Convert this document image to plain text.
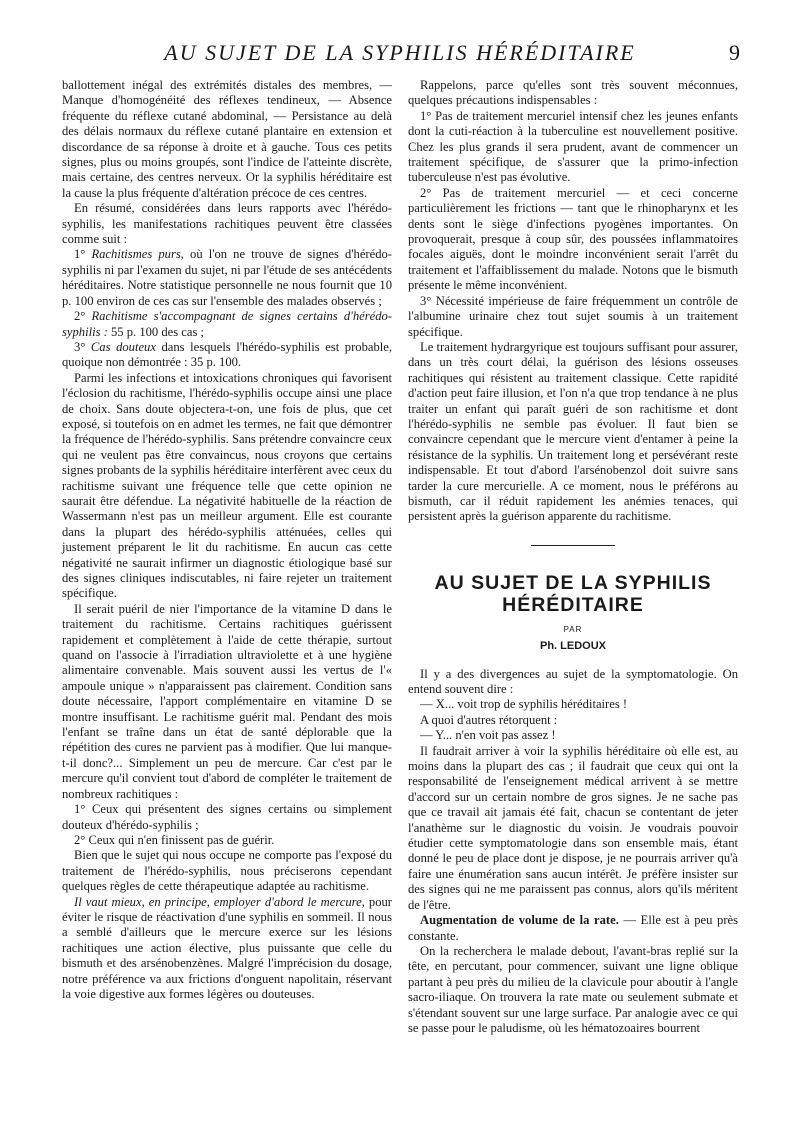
AU SUJET DE LA SYPHILIS HÉRÉDITAIRE	9

ballottement inégal des extrémités distales des membres, — Manque d'homogénéité des réflexes tendineux, — Absence fréquente du réflexe cutané abdominal, — Persistance au delà des délais normaux du réflexe cutané plantaire en extension et discordance de sa réponse à droite et à gauche. Tous ces petits signes, plus ou moins groupés, sont l'indice de l'atteinte discrète, mais certaine, des centres nerveux. Or la syphilis héréditaire est la cause la plus fréquente d'altération précoce de ces centres.

En résumé, considérées dans leurs rapports avec l'hérédo-syphilis, les manifestations rachitiques peuvent être classées comme suit :

1° Rachitismes purs, où l'on ne trouve de signes d'hérédo-syphilis ni par l'examen du sujet, ni par l'étude de ses antécédents héréditaires. Notre statistique personnelle ne nous fournit que 10 p. 100 environ de ces cas sur l'ensemble des malades observés ;

2° Rachitisme s'accompagnant de signes certains d'hérédo-syphilis : 55 p. 100 des cas ;

3° Cas douteux dans lesquels l'hérédo-syphilis est probable, quoique non démontrée : 35 p. 100.

Parmi les infections et intoxications chroniques qui favorisent l'éclosion du rachitisme, l'hérédo-syphilis occupe ainsi une place de choix. Sans doute objectera-t-on, une fois de plus, que cet exposé, si toutefois on en admet les termes, ne fait que démontrer la fréquence de l'hérédo-syphilis. Sans prétendre convaincre ceux qui ne veulent pas être convaincus, nous croyons que certains signes probants de la syphilis héréditaire interfèrent avec ceux du rachitisme suivant une fréquence telle que cette opinion ne saurait être défendue. La négativité habituelle de la réaction de Wassermann n'est pas un meilleur argument. Elle est courante dans la plupart des hérédo-syphilis atténuées, celles qui justement préparent le lit du rachitisme. En aucun cas cette négativité ne saurait infirmer un diagnostic étiologique basé sur des signes cliniques indiscutables, ni faire rejeter un traitement spécifique.

Il serait puéril de nier l'importance de la vitamine D dans le traitement du rachitisme. Certains rachitiques guérissent rapidement et complètement à l'aide de cette thérapie, surtout quand on l'associe à l'irradiation ultraviolette et à une hygiène alimentaire convenable. Mais souvent aussi les vertus de l'« ampoule unique » n'apparaissent pas clairement. Condition sans doute nécessaire, l'apport complémentaire en vitamine D se montre insuffisant. Le rachitisme guérit mal. Pendant des mois l'enfant se traîne dans un état de santé déplorable que la répétition des cures ne parvient pas à modifier. Que lui manque-t-il donc?... Simplement un peu de mercure. Car c'est par le mercure qu'il convient tout d'abord de compléter le traitement de nombreux rachitiques :

1° Ceux qui présentent des signes certains ou simplement douteux d'hérédo-syphilis ;

2° Ceux qui n'en finissent pas de guérir.

Bien que le sujet qui nous occupe ne comporte pas l'exposé du traitement de l'hérédo-syphilis, nous préciserons cependant quelques règles de cette thérapeutique adaptée au rachitisme.

Il vaut mieux, en principe, employer d'abord le mercure, pour éviter le risque de réactivation d'une syphilis en sommeil. Il nous a semblé d'ailleurs que le mercure exerce sur les lésions rachitiques une action élective, plus puissante que celle du bismuth et des arsénobenzènes. Malgré l'imprécision du dosage, notre préférence va aux frictions d'onguent napolitain, réservant la voie digestive aux formes légères ou douteuses.

Rappelons, parce qu'elles sont très souvent méconnues, quelques précautions indispensables :

1° Pas de traitement mercuriel intensif chez les jeunes enfants dont la cuti-réaction à la tuberculine est nouvellement positive. Chez les plus grands il sera prudent, avant de commencer un traitement spécifique, de s'assurer que la primo-infection tuberculeuse n'est pas évolutive.

2° Pas de traitement mercuriel — et ceci concerne particulièrement les frictions — tant que le rhinopharynx et les dents sont le siège d'infections pyogènes importantes. On provoquerait, presque à coup sûr, des poussées inflammatoires focales aiguës, dont le moindre inconvénient serait l'arrêt du traitement et l'affaiblissement du malade. Notons que le bismuth présente le même inconvénient.

3° Nécessité impérieuse de faire fréquemment un contrôle de l'albumine urinaire chez tout sujet soumis à un traitement spécifique.

Le traitement hydrargyrique est toujours suffisant pour assurer, dans un très court délai, la guérison des lésions osseuses rachitiques qui résistent au traitement classique. Cette rapidité d'action peut faire illusion, et l'on n'a que trop tendance à ne plus traiter un enfant qui paraît guéri de son rachitisme et dont l'hérédo-syphilis ne semble pas évoluer. Il faut bien se convaincre cependant que le mercure vient d'entamer à peine la résistance de la syphilis. Un traitement long et persévérant reste indispensable. Et tout d'abord l'arsénobenzol doit suivre sans tarder la cure mercurielle. A ce moment, nous le préférons au bismuth, car il réduit rapidement les anémies tenaces, qui persistent après la guérison apparente du rachitisme.

AU SUJET DE LA SYPHILIS HÉRÉDITAIRE
PAR
Ph. LEDOUX

Il y a des divergences au sujet de la symptomatologie. On entend souvent dire :

— X... voit trop de syphilis héréditaires !

A quoi d'autres rétorquent :

— Y... n'en voit pas assez !

Il faudrait arriver à voir la syphilis héréditaire où elle est, au moins dans la plupart des cas ; il faudrait que ceux qui ont la responsabilité de l'enseignement médical arrivent à se mettre d'accord sur un certain nombre de gros signes. Je ne sache pas que ce travail ait jamais été fait, chacun se contentant de jeter l'anathème sur le diagnostic du voisin. Je voudrais pouvoir étudier cette symptomatologie dans son ensemble mais, étant donné le peu de place dont je dispose, je ne pourrais arriver qu'à faire une énumération sans aucun intérêt. Je préfère insister sur des signes qui ne me paraissent pas connus, alors qu'ils méritent de l'être.

Augmentation de volume de la rate. — Elle est à peu près constante.

On la recherchera le malade debout, l'avant-bras replié sur la tête, en percutant, pour commencer, suivant une ligne oblique partant à peu près du milieu de la clavicule pour aboutir à l'angle sacro-iliaque. On trouvera la rate mate ou seulement submate et s'étendant souvent sur une large surface. Par analogie avec ce qui se passe pour le paludisme, où les hématozoaires bourrent
